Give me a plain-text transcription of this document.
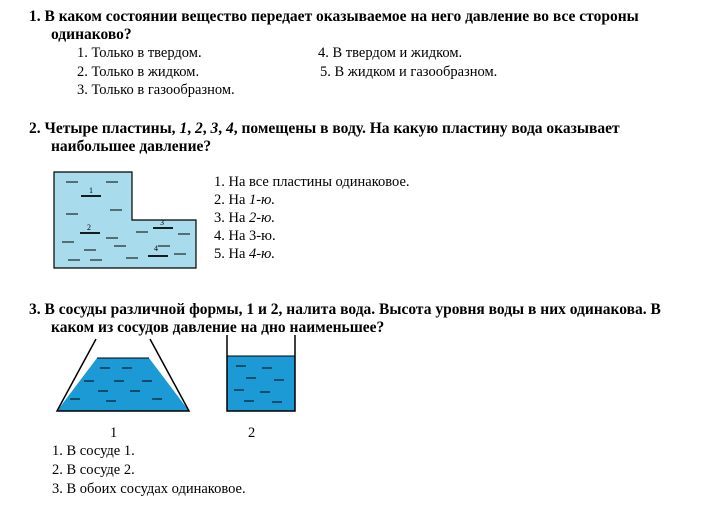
1. В каком состоянии вещество передает оказываемое на него давление во все стороны
одинаково?
1. Только в твердом.
2. Только в жидком.
3. Только в газообразном.
4. В твердом и жидком.
5. В жидком и газообразном.
2. Четыре пластины, 1, 2, 3, 4, помещены в воду. На какую пластину вода оказывает
наибольшее давление?
1
2
3
4
1. На все пластины одинаковое.
2. На 1-ю.
3. На 2-ю.
4. На 3-ю.
5. На 4-ю.
3. В сосуды различной формы, 1 и 2, налита вода. Высота уровня воды в них одинакова. В
каком из сосудов давление на дно наименьшее?
1	2
1. В сосуде 1.
2. В сосуде 2.
3. В обоих сосудах одинаковое.
